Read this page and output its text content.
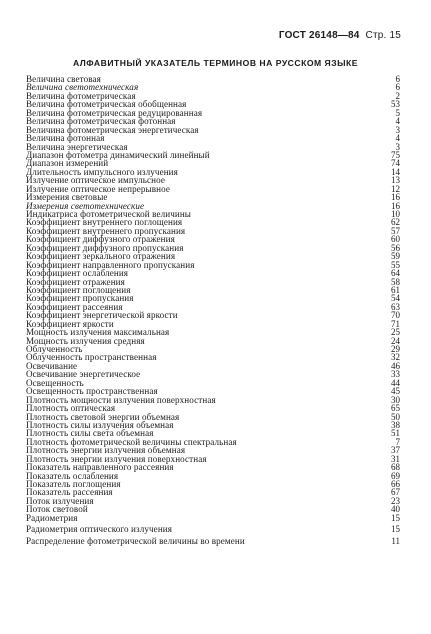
ГОСТ 26148—84 Стр. 15
АЛФАВИТНЫЙ УКАЗАТЕЛЬ ТЕРМИНОВ НА РУССКОМ ЯЗЫКЕ
Величина световая	6
Величина светотехническая	6
Величина фотометрическая	2
Величина фотометрическая обобщенная	53
Величина фотометрическая редуцированная	5
Величина фотометрическая фотонная	4
Величина фотометрическая энергетическая	3
Величина фотонная	4
Величина энергетическая	3
Диапазон фотометра динамический линейный	75
Диапазон измерений	74
Длительность импульсного излучения	14
Излучение оптическое импульсное	13
Излучение оптическое непрерывное	12
Измерения световые	16
Измерения светотехнические	16
Индикатриса фотометрической величины	10
Коэффициент внутреннего поглощения	62
Коэффициент внутреннего пропускания	57
Коэффициент диффузного отражения	60
Коэффициент диффузного пропускания	56
Коэффициент зеркального отражения	59
Коэффициент направленного пропускания	55
Коэффициент ослабления	64
Коэффициент отражения	58
Коэффициент поглощения	61
Коэффициент пропускания	54
Коэффициент рассеяния	63
Коэффициент энергетической яркости	70
Коэффициент яркости	71
Мощность излучения максимальная	25
Мощность излучения средняя	24
Облученность	29
Облученность пространственная	32
Освечивание	46
Освечивание энергетическое	33
Освещенность	44
Освещенность пространственная	45
Плотность мощности излучения поверхностная	30
Плотность оптическая	65
Плотность световой энергии объемная	50
Плотность силы излучения объемная	38
Плотность силы света объемная	51
Плотность фотометрической величины спектральная	7
Плотность энергии излучения объемная	37
Плотность энергии излучения поверхностная	31
Показатель направленного рассеяния	68
Показатель ослабления	69
Показатель поглощения	66
Показатель рассеяния	67
Поток излучения	23
Поток световой	40
Радиометрия	15
Радиометрия оптического излучения	15
Распределение фотометрической величины во времени	11
